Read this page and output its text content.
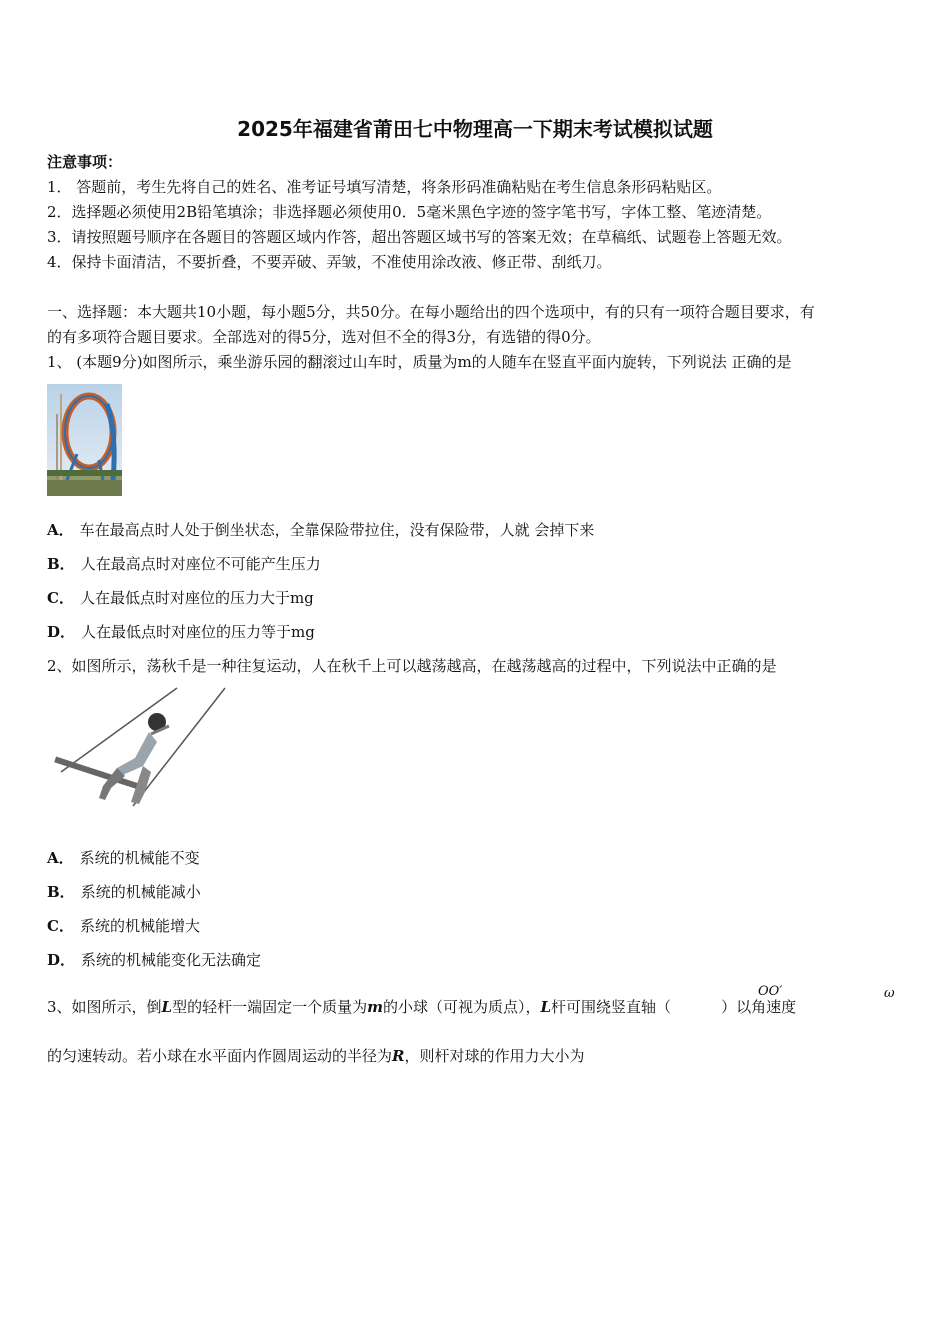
2025年福建省莆田七中物理高一下期末考试模拟试题
注意事项：
1． 答题前，考生先将自己的姓名、准考证号填写清楚，将条形码准确粘贴在考生信息条形码粘贴区。
2．选择题必须使用2B铅笔填涂；非选择题必须使用0．5毫米黑色字迹的签字笔书写，字体工整、笔迹清楚。
3．请按照题号顺序在各题目的答题区域内作答，超出答题区域书写的答案无效；在草稿纸、试题卷上答题无效。
4．保持卡面清洁，不要折叠，不要弄破、弄皱，不准使用涂改液、修正带、刮纸刀。
一、选择题：本大题共10小题，每小题5分，共50分。在每小题给出的四个选项中，有的只有一项符合题目要求，有
的有多项符合题目要求。全部选对的得5分，选对但不全的得3分，有选错的得0分。
1、 (本题9分)如图所示，乘坐游乐园的翻滚过山车时，质量为m的人随车在竖直平面内旋转，下列说法 正确的是
A． 车在最高点时人处于倒坐状态，全靠保险带拉住，没有保险带，人就 会掉下来
B． 人在最高点时对座位不可能产生压力
C． 人在最低点时对座位的压力大于mg
D． 人在最低点时对座位的压力等于mg
2、如图所示，荡秋千是一种往复运动，人在秋千上可以越荡越高，在越荡越高的过程中，下列说法中正确的是
A． 系统的机械能不变
B． 系统的机械能减小
C． 系统的机械能增大
D． 系统的机械能变化无法确定
3、如图所示，倒L型的轻杆一端固定一个质量为m的小球（可视为质点），L杆可围绕竖直轴（	）以角速度
OO′	ω
的匀速转动。若小球在水平面内作圆周运动的半径为R，则杆对球的作用力大小为
